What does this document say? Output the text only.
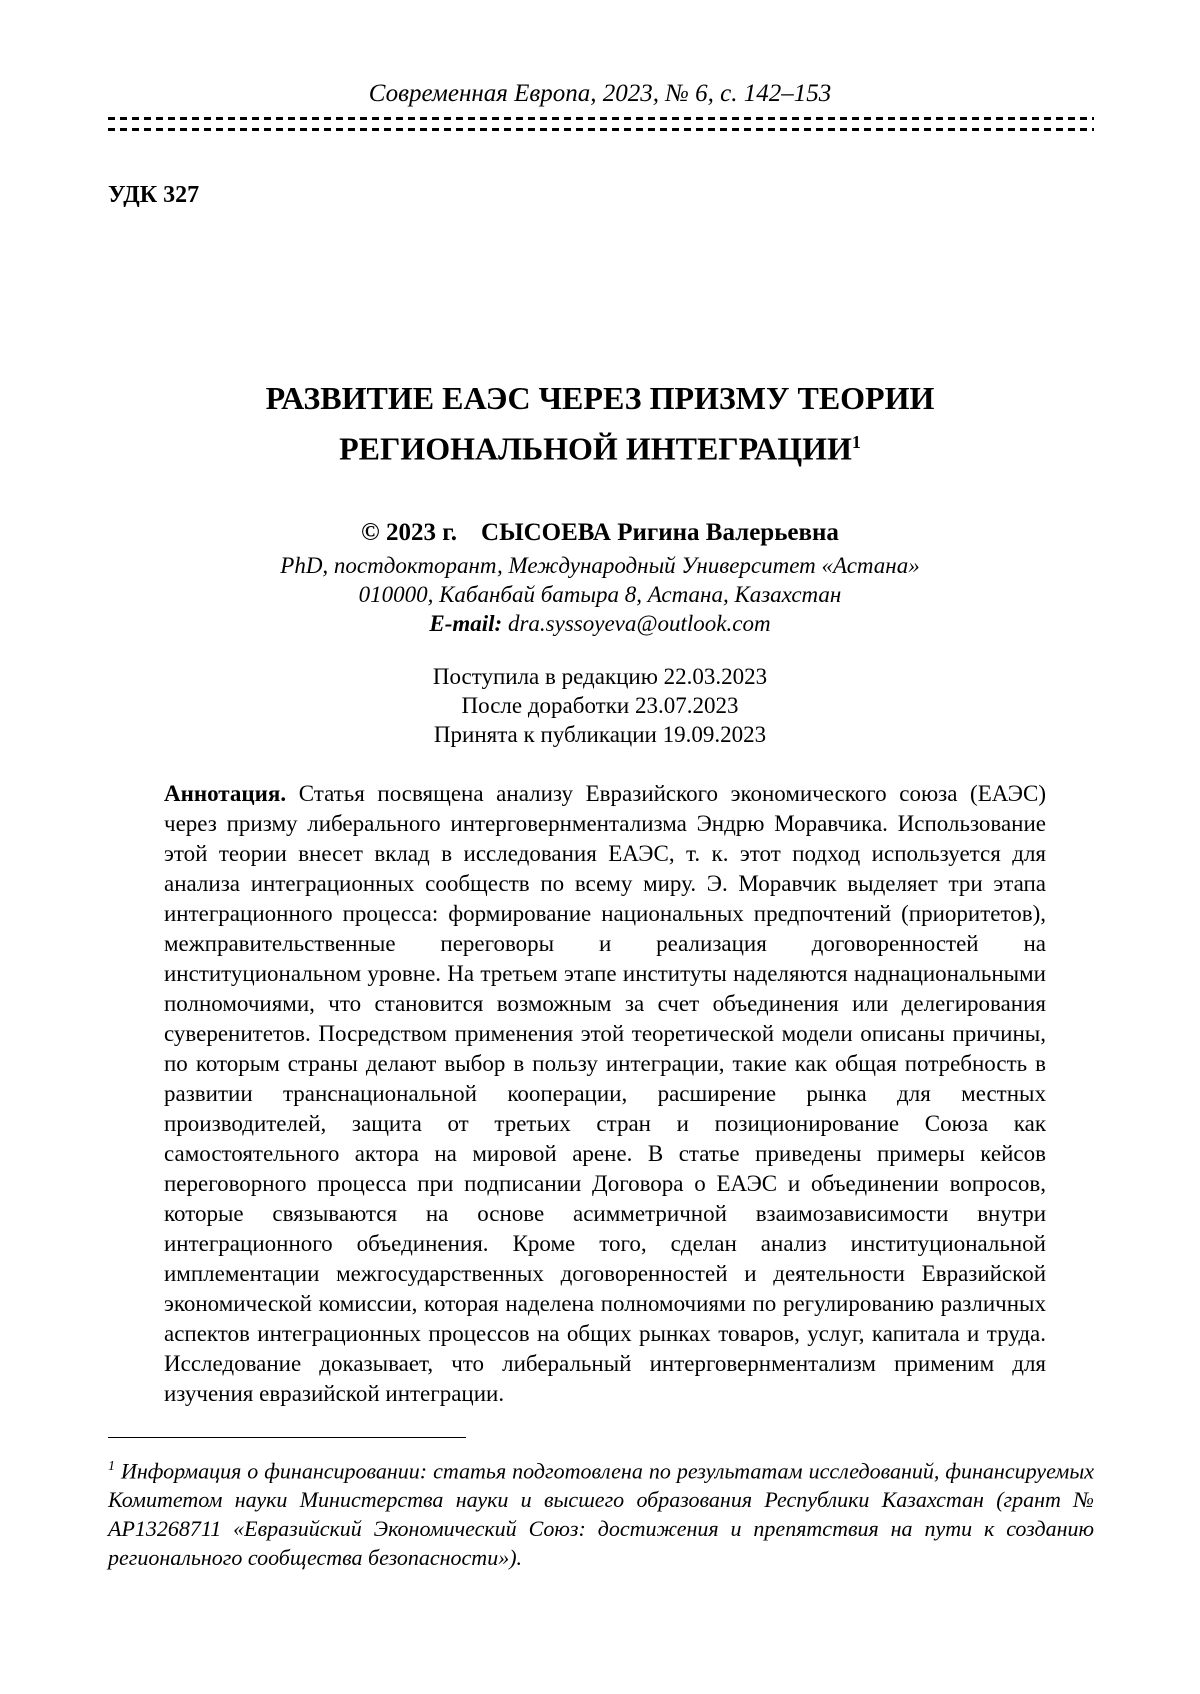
Современная Европа, 2023, № 6, с. 142–153
УДК 327
РАЗВИТИЕ ЕАЭС ЧЕРЕЗ ПРИЗМУ ТЕОРИИ
РЕГИОНАЛЬНОЙ ИНТЕГРАЦИИ$^1$
© 2023 г. СЫСОЕВА Ригина Валерьевна
PhD, постдокторант, Международный Университет «Астана»
010000, Кабанбай батыра 8, Астана, Казахстан
E-mail: dra.syssoyeva@outlook.com
Поступила в редакцию 22.03.2023
После доработки 23.07.2023
Принята к публикации 19.09.2023
Аннотация. Статья посвящена анализу Евразийского экономического союза (ЕАЭС) через призму либерального интерговернментализма Эндрю Моравчика. Использование этой теории внесет вклад в исследования ЕАЭС, т. к. этот подход используется для анализа интеграционных сообществ по всему миру. Э. Моравчик выделяет три этапа интеграционного процесса: формирование национальных предпочтений (приоритетов), межправительственные переговоры и реализация договоренностей на институциональном уровне. На третьем этапе институты наделяются наднациональными полномочиями, что становится возможным за счет объединения или делегирования суверенитетов. Посредством применения этой теоретической модели описаны причины, по которым страны делают выбор в пользу интеграции, такие как общая потребность в развитии транснациональной кооперации, расширение рынка для местных производителей, защита от третьих стран и позиционирование Союза как самостоятельного актора на мировой арене. В статье приведены примеры кейсов переговорного процесса при подписании Договора о ЕАЭС и объединении вопросов, которые связываются на основе асимметричной взаимозависимости внутри интеграционного объединения. Кроме того, сделан анализ институциональной имплементации межгосударственных договоренностей и деятельности Евразийской экономической комиссии, которая наделена полномочиями по регулированию различных аспектов интеграционных процессов на общих рынках товаров, услуг, капитала и труда. Исследование доказывает, что либеральный интерговернментализм применим для изучения евразийской интеграции.
$^1$ Информация о финансировании: статья подготовлена по результатам исследований, финансируемых Комитетом науки Министерства науки и высшего образования Республики Казахстан (грант № AP13268711 «Евразийский Экономический Союз: достижения и препятствия на пути к созданию регионального сообщества безопасности»).
